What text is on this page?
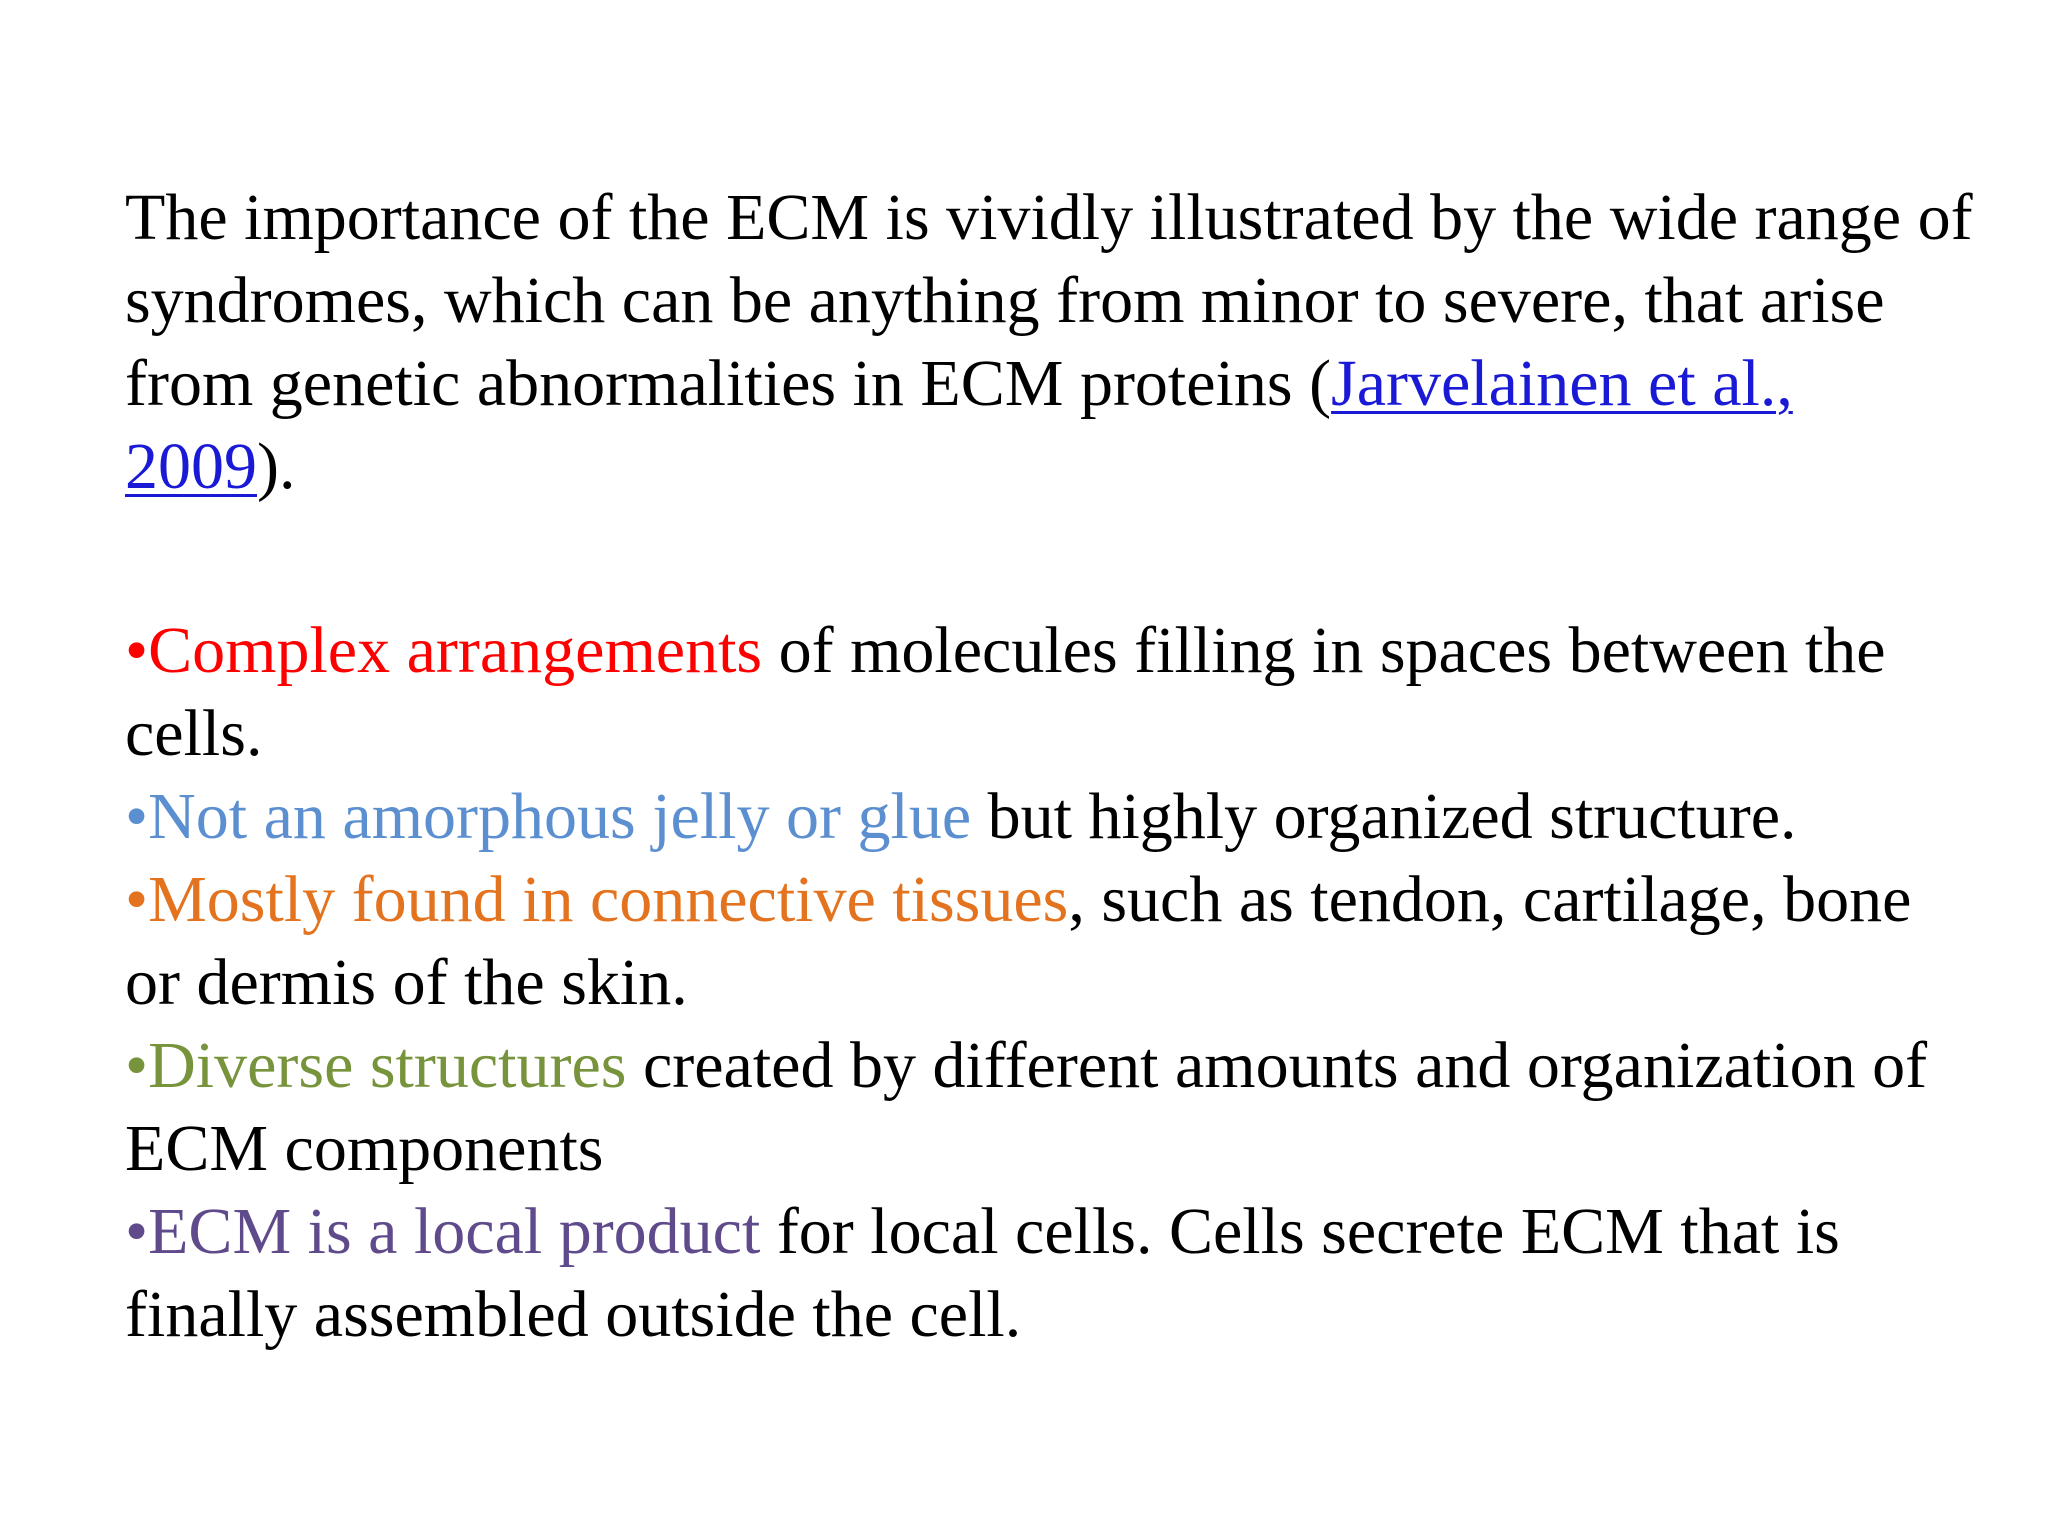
The importance of the ECM is vividly illustrated by the wide range of syndromes, which can be anything from minor to severe, that arise from genetic abnormalities in ECM proteins (Jarvelainen et al., 2009).

•Complex arrangements of molecules filling in spaces between the cells.
•Not an amorphous jelly or glue but highly organized structure.
•Mostly found in connective tissues, such as tendon, cartilage, bone or dermis of the skin.
•Diverse structures created by different amounts and organization of ECM components
•ECM is a local product for local cells. Cells secrete ECM that is finally assembled outside the cell.
